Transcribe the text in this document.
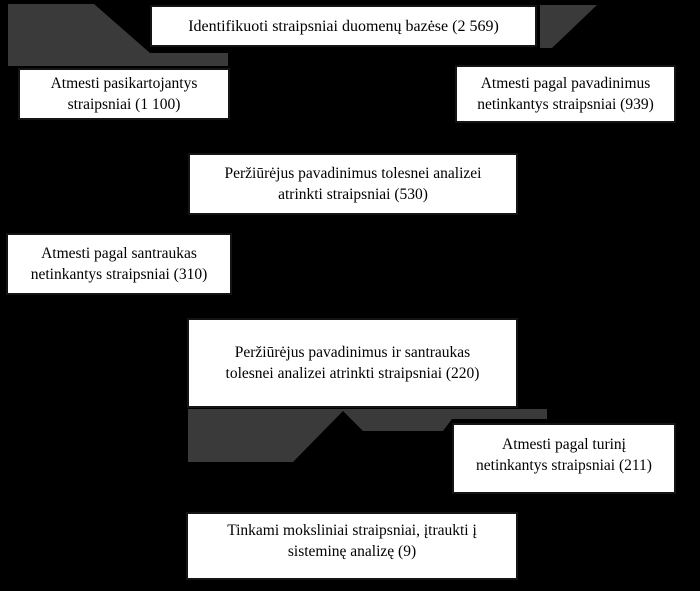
Identifikuoti straipsniai duomenų bazėse (2 569)
Atmesti pasikartojantys
straipsniai (1 100)
Atmesti pagal pavadinimus
netinkantys straipsniai (939)
Peržiūrėjus pavadinimus tolesnei analizei
atrinkti straipsniai (530)
Atmesti pagal santraukas
netinkantys straipsniai (310)
Peržiūrėjus pavadinimus ir santraukas
tolesnei analizei atrinkti straipsniai (220)
Atmesti pagal turinį
netinkantys straipsniai (211)
Tinkami moksliniai straipsniai, įtraukti į
sisteminę analizę (9)
